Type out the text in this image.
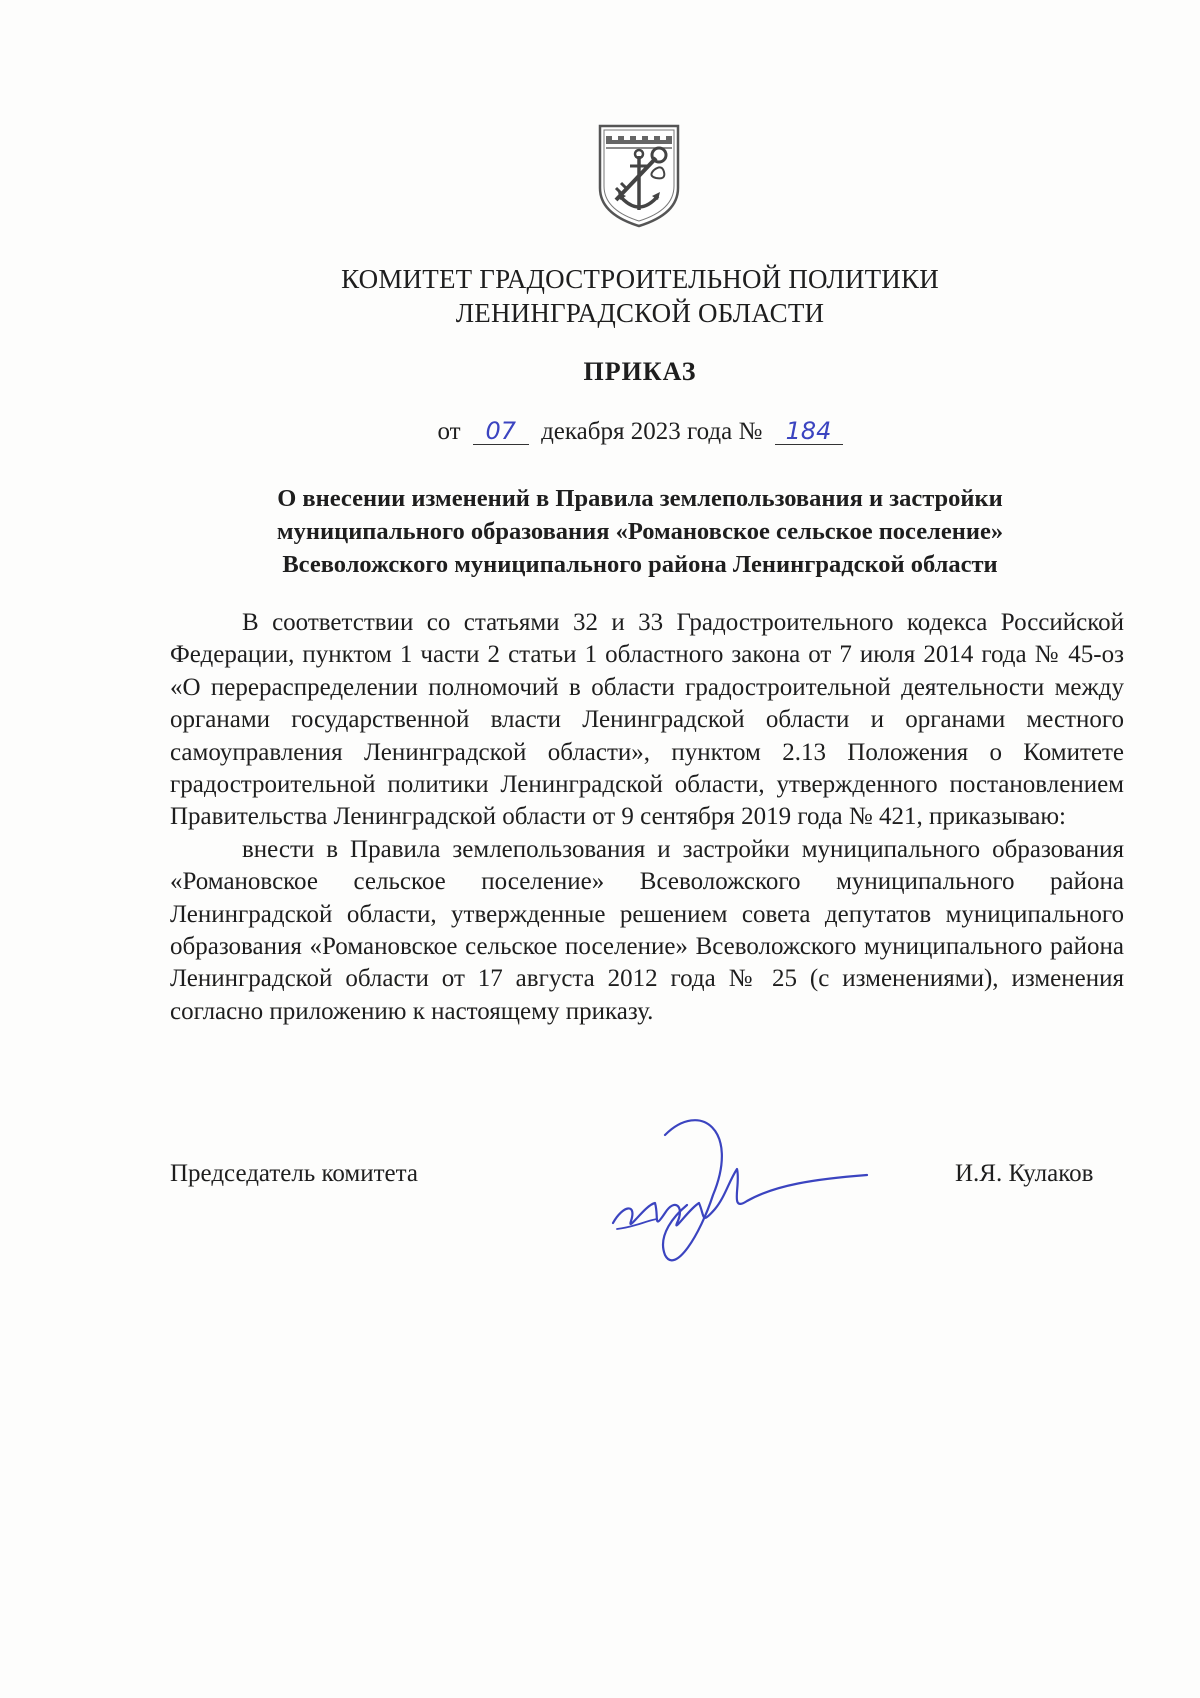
КОМИТЕТ ГРАДОСТРОИТЕЛЬНОЙ ПОЛИТИКИ
ЛЕНИНГРАДСКОЙ ОБЛАСТИ
ПРИКАЗ
от 07 декабря 2023 года № 184
О внесении изменений в Правила землепользования и застройки
муниципального образования «Романовское сельское поселение»
Всеволожского муниципального района Ленинградской области

В соответствии со статьями 32 и 33 Градостроительного кодекса Российской Федерации, пунктом 1 части 2 статьи 1 областного закона от 7 июля 2014 года № 45-оз «О перераспределении полномочий в области градостроительной деятельности между органами государственной власти Ленинградской области и органами местного самоуправления Ленинградской области», пунктом 2.13 Положения о Комитете градостроительной политики Ленинградской области, утвержденного постановлением Правительства Ленинградской области от 9 сентября 2019 года № 421, приказываю:

внести в Правила землепользования и застройки муниципального образования «Романовское сельское поселение» Всеволожского муниципального района Ленинградской области, утвержденные решением совета депутатов муниципального образования «Романовское сельское поселение» Всеволожского муниципального района Ленинградской области от 17 августа 2012 года № 25 (с изменениями), изменения согласно приложению к настоящему приказу.

Председатель комитета	И.Я. Кулаков
